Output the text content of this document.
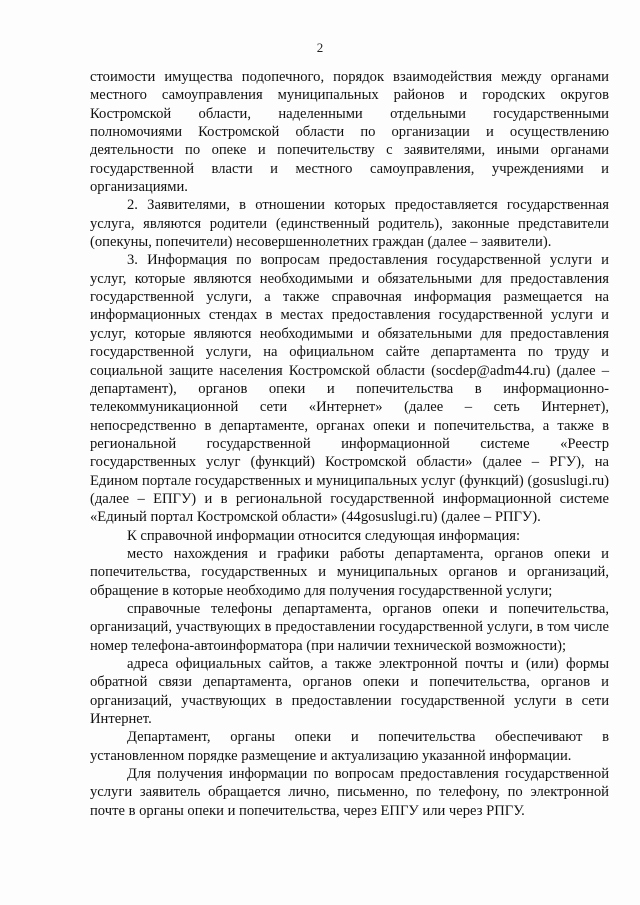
2

стоимости имущества подопечного, порядок взаимодействия между органами местного самоуправления муниципальных районов и городских округов Костромской области, наделенными отдельными государственными полномочиями Костромской области по организации и осуществлению деятельности по опеке и попечительству с заявителями, иными органами государственной власти и местного самоуправления, учреждениями и организациями.

2. Заявителями, в отношении которых предоставляется государственная услуга, являются родители (единственный родитель), законные представители (опекуны, попечители) несовершеннолетних граждан (далее – заявители).

3. Информация по вопросам предоставления государственной услуги и услуг, которые являются необходимыми и обязательными для предоставления государственной услуги, а также справочная информация размещается на информационных стендах в местах предоставления государственной услуги и услуг, которые являются необходимыми и обязательными для предоставления государственной услуги, на официальном сайте департамента по труду и социальной защите населения Костромской области (socdep@adm44.ru) (далее – департамент), органов опеки и попечительства в информационно-телекоммуникационной сети «Интернет» (далее – сеть Интернет), непосредственно в департаменте, органах опеки и попечительства, а также в региональной государственной информационной системе «Реестр государственных услуг (функций) Костромской области» (далее – РГУ), на Едином портале государственных и муниципальных услуг (функций) (gosuslugi.ru) (далее – ЕПГУ) и в региональной государственной информационной системе «Единый портал Костромской области» (44gosuslugi.ru) (далее – РПГУ).

К справочной информации относится следующая информация:

место нахождения и графики работы департамента, органов опеки и попечительства, государственных и муниципальных органов и организаций, обращение в которые необходимо для получения государственной услуги;

справочные телефоны департамента, органов опеки и попечительства, организаций, участвующих в предоставлении государственной услуги, в том числе номер телефона-автоинформатора (при наличии технической возможности);

адреса официальных сайтов, а также электронной почты и (или) формы обратной связи департамента, органов опеки и попечительства, органов и организаций, участвующих в предоставлении государственной услуги в сети Интернет.

Департамент, органы опеки и попечительства обеспечивают в установленном порядке размещение и актуализацию указанной информации.

Для получения информации по вопросам предоставления государственной услуги заявитель обращается лично, письменно, по телефону, по электронной почте в органы опеки и попечительства, через ЕПГУ или через РПГУ.
